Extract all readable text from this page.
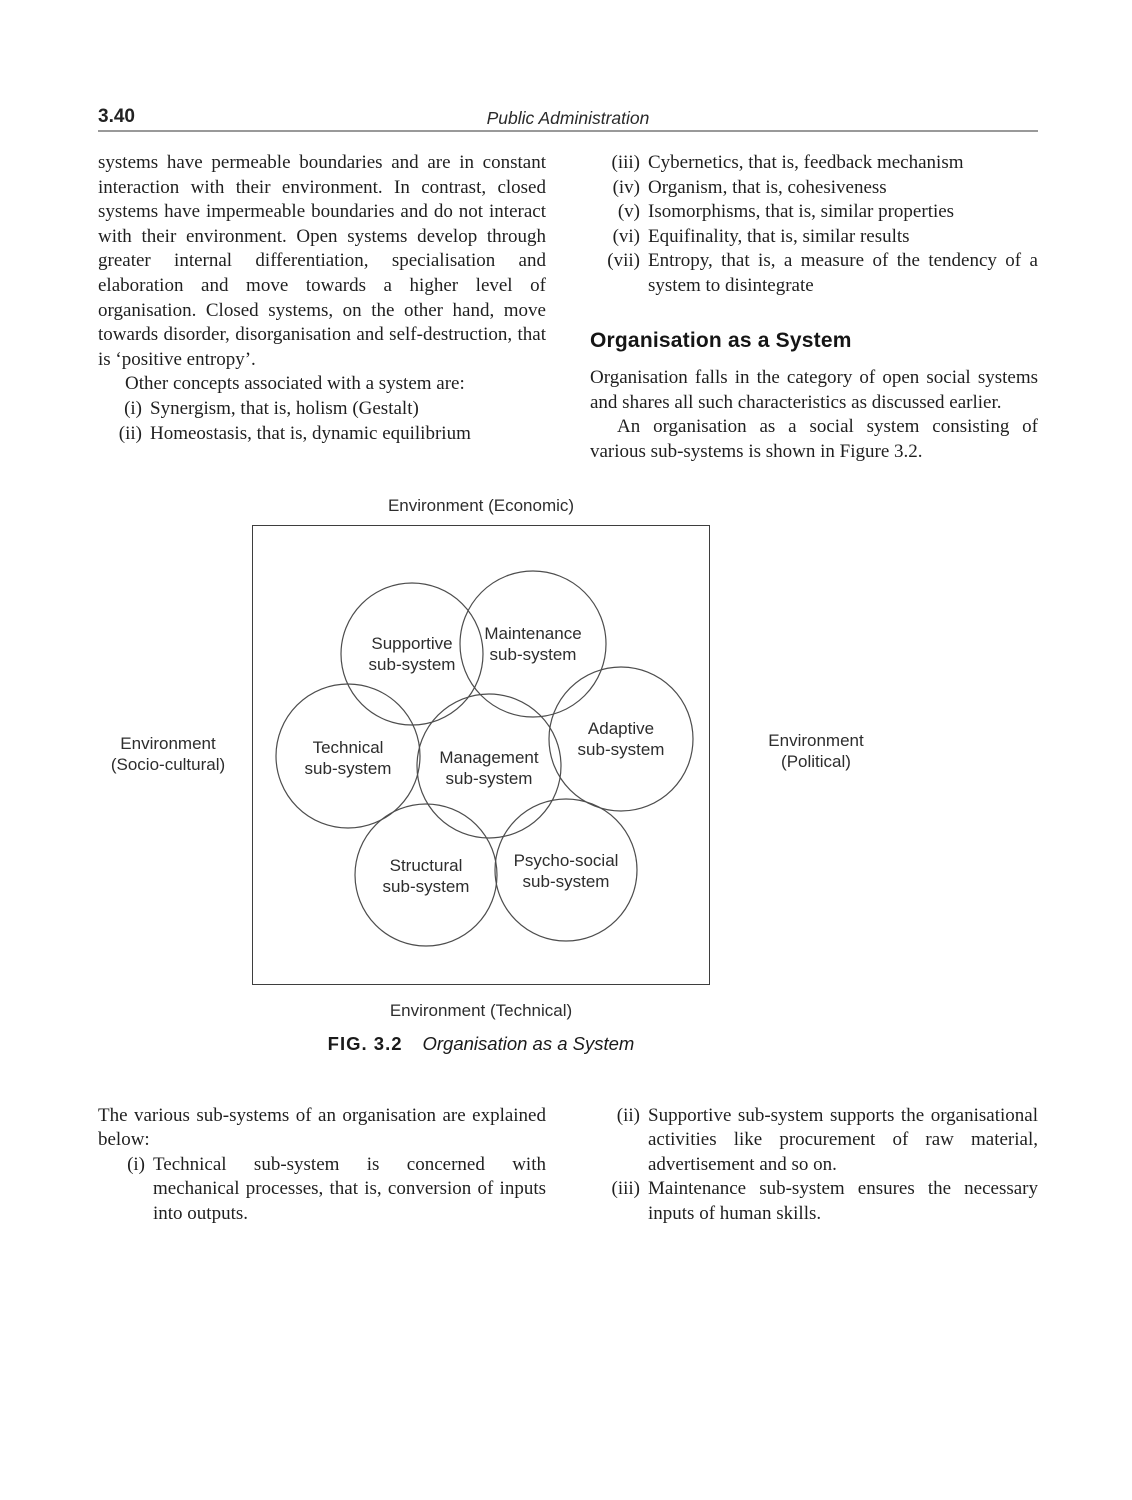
3.40	Public Administration

systems have permeable boundaries and are in constant interaction with their environment. In contrast, closed systems have impermeable boundaries and do not interact with their environment. Open systems develop through greater internal differentiation, specialisation and elaboration and move towards a higher level of organisation. Closed systems, on the other hand, move towards disorder, disorganisation and self-destruction, that is ‘positive entropy’.

Other concepts associated with a system are:

(i) Synergism, that is, holism (Gestalt)
(ii) Homeostasis, that is, dynamic equilibrium
(iii) Cybernetics, that is, feedback mechanism
(iv) Organism, that is, cohesiveness
(v) Isomorphisms, that is, similar properties
(vi) Equifinality, that is, similar results
(vii) Entropy, that is, a measure of the tendency of a system to disintegrate
Organisation as a System

Organisation falls in the category of open social systems and shares all such characteristics as discussed earlier.

An organisation as a social system consisting of various sub-systems is shown in Figure 3.2.

Environment (Economic)
Environment
(Socio-cultural)
Supportive
sub-system
Maintenance
sub-system
Technical
sub-system
Management
sub-system
Adaptive
sub-system
Structural
sub-system
Psycho-social
sub-system
Environment
(Political)
Environment (Technical)
FIG. 3.2 Organisation as a System

The various sub-systems of an organisation are explained below:

(i) Technical sub-system is concerned with mechanical processes, that is, conversion of inputs into outputs.
(ii) Supportive sub-system supports the organisational activities like procurement of raw material, advertisement and so on.
(iii) Maintenance sub-system ensures the necessary inputs of human skills.
